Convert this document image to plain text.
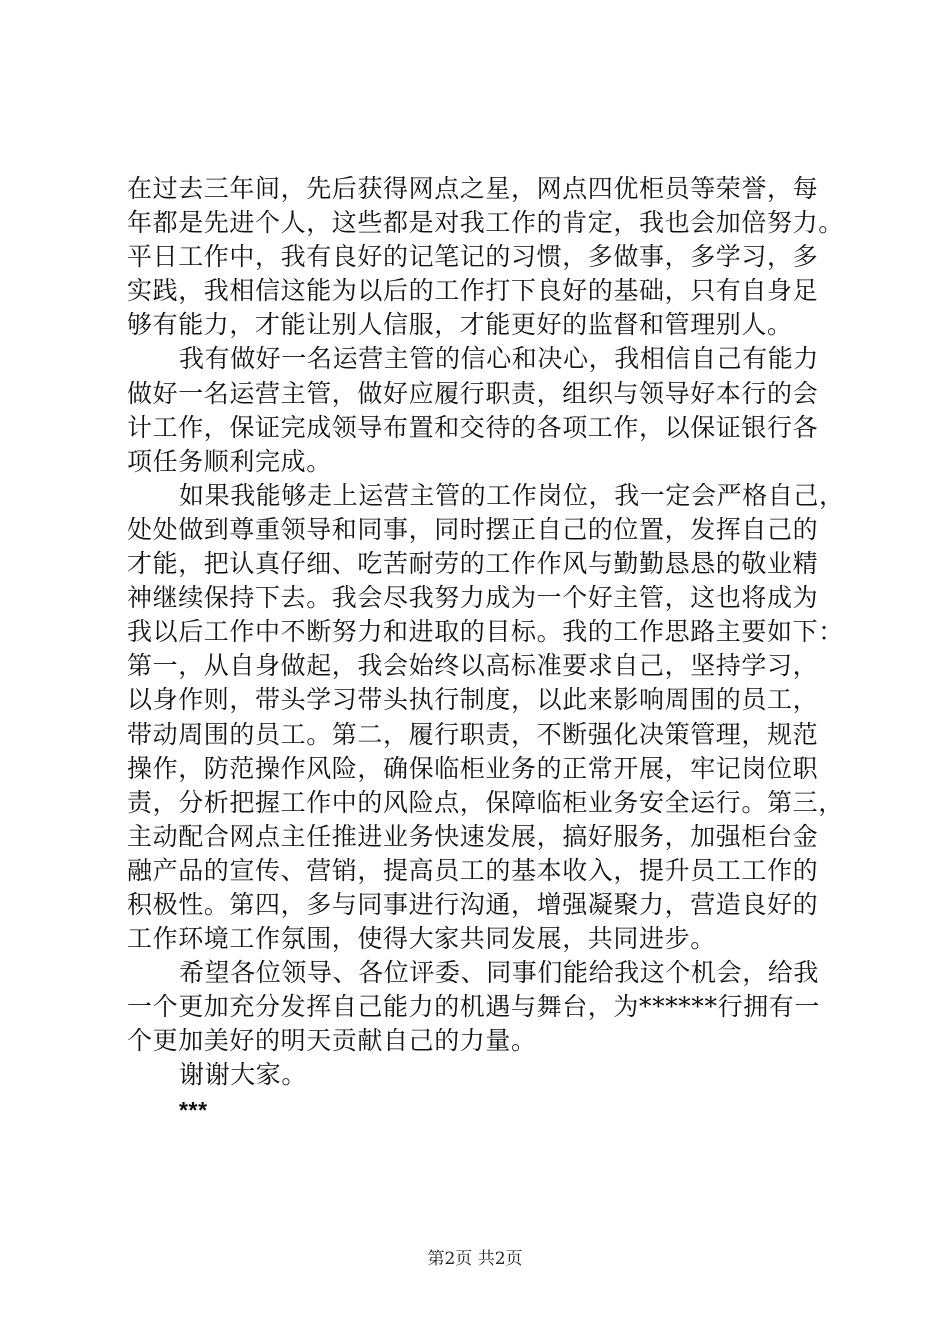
在过去三年间，先后获得网点之星，网点四优柜员等荣誉，每
年都是先进个人，这些都是对我工作的肯定，我也会加倍努力。
平日工作中，我有良好的记笔记的习惯，多做事，多学习，多
实践，我相信这能为以后的工作打下良好的基础，只有自身足
够有能力，才能让别人信服，才能更好的监督和管理别人。
我有做好一名运营主管的信心和决心，我相信自己有能力
做好一名运营主管，做好应履行职责，组织与领导好本行的会
计工作，保证完成领导布置和交待的各项工作，以保证银行各
项任务顺利完成。
如果我能够走上运营主管的工作岗位，我一定会严格自己，
处处做到尊重领导和同事，同时摆正自己的位置，发挥自己的
才能，把认真仔细、吃苦耐劳的工作作风与勤勤恳恳的敬业精
神继续保持下去。我会尽我努力成为一个好主管，这也将成为
我以后工作中不断努力和进取的目标。我的工作思路主要如下：
第一，从自身做起，我会始终以高标准要求自己，坚持学习，
以身作则，带头学习带头执行制度，以此来影响周围的员工，
带动周围的员工。第二，履行职责，不断强化决策管理，规范
操作，防范操作风险，确保临柜业务的正常开展，牢记岗位职
责，分析把握工作中的风险点，保障临柜业务安全运行。第三，
主动配合网点主任推进业务快速发展，搞好服务，加强柜台金
融产品的宣传、营销，提高员工的基本收入，提升员工工作的
积极性。第四，多与同事进行沟通，增强凝聚力，营造良好的
工作环境工作氛围，使得大家共同发展，共同进步。
希望各位领导、各位评委、同事们能给我这个机会，给我
一个更加充分发挥自己能力的机遇与舞台，为******行拥有一
个更加美好的明天贡献自己的力量。
谢谢大家。
***
第2页 共2页
